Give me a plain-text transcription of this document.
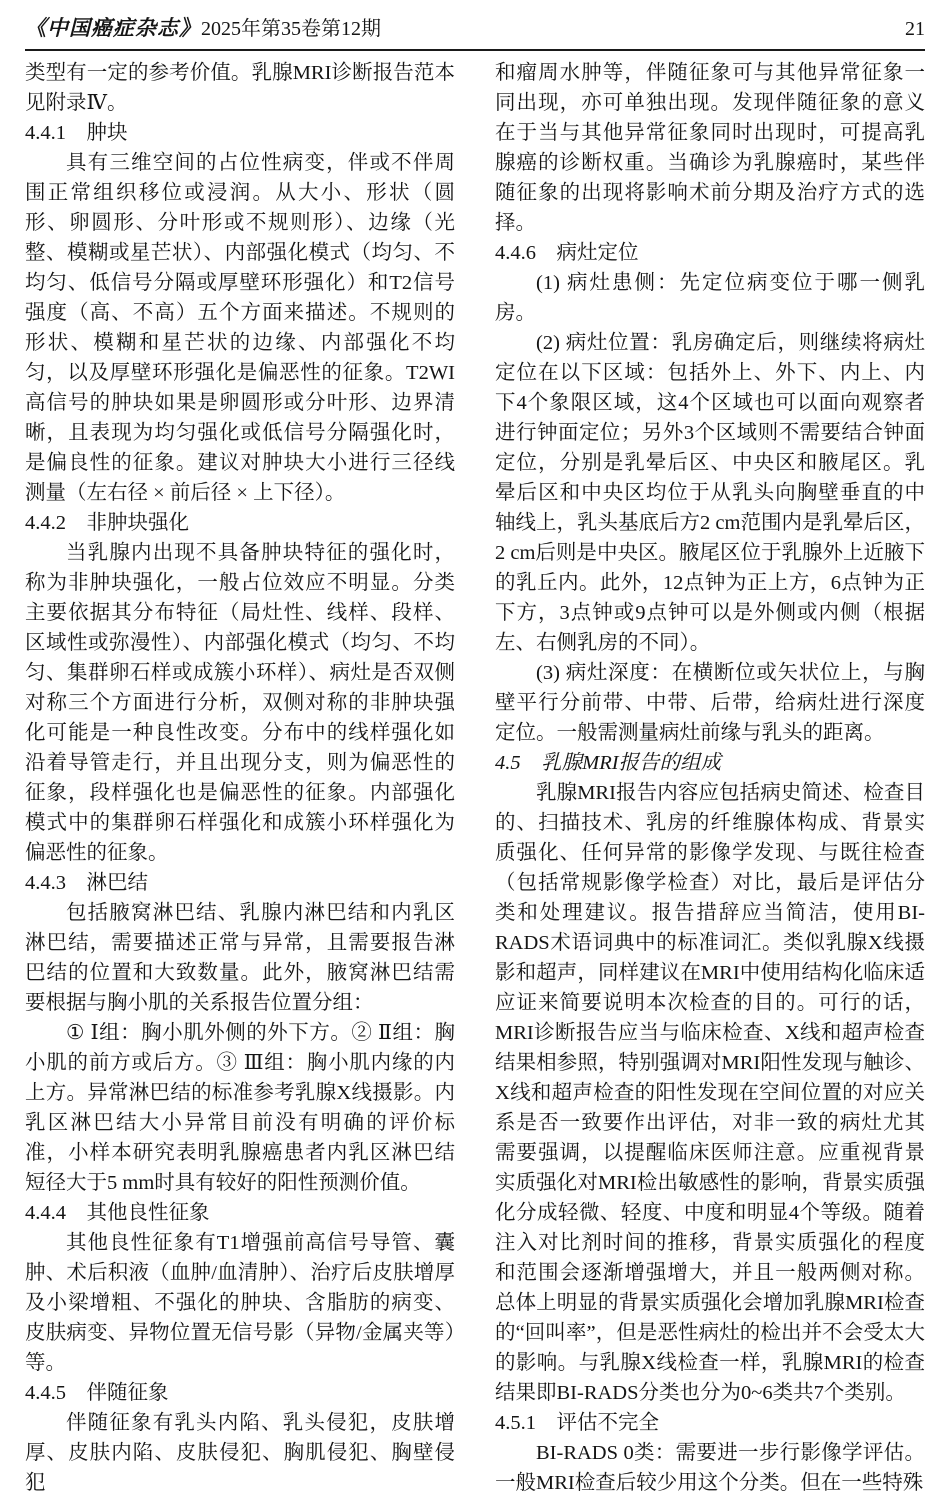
《中国癌症杂志》 2025年第35卷第12期	21
类型有一定的参考价值。乳腺MRI诊断报告范本见附录Ⅳ。
4.4.1　肿块
具有三维空间的占位性病变，伴或不伴周围正常组织移位或浸润。从大小、形状（圆形、卵圆形、分叶形或不规则形）、边缘（光整、模糊或星芒状）、内部强化模式（均匀、不均匀、低信号分隔或厚壁环形强化）和T2信号强度（高、不高）五个方面来描述。不规则的形状、模糊和星芒状的边缘、内部强化不均匀，以及厚壁环形强化是偏恶性的征象。T2WI 高信号的肿块如果是卵圆形或分叶形、边界清晰，且表现为均匀强化或低信号分隔强化时，是偏良性的征象。建议对肿块大小进行三径线测量（左右径 × 前后径 × 上下径）。
4.4.2　非肿块强化
当乳腺内出现不具备肿块特征的强化时，称为非肿块强化，一般占位效应不明显。分类主要依据其分布特征（局灶性、线样、段样、区域性或弥漫性）、内部强化模式（均匀、不均匀、集群卵石样或成簇小环样）、病灶是否双侧对称三个方面进行分析，双侧对称的非肿块强化可能是一种良性改变。分布中的线样强化如沿着导管走行，并且出现分支，则为偏恶性的征象，段样强化也是偏恶性的征象。内部强化模式中的集群卵石样强化和成簇小环样强化为偏恶性的征象。
4.4.3　淋巴结
包括腋窝淋巴结、乳腺内淋巴结和内乳区淋巴结，需要描述正常与异常，且需要报告淋巴结的位置和大致数量。此外，腋窝淋巴结需要根据与胸小肌的关系报告位置分组：
① Ⅰ组：胸小肌外侧的外下方。② Ⅱ组：胸小肌的前方或后方。③ Ⅲ组：胸小肌内缘的内上方。异常淋巴结的标准参考乳腺X线摄影。内乳区淋巴结大小异常目前没有明确的评价标准，小样本研究表明乳腺癌患者内乳区淋巴结短径大于5 mm时具有较好的阳性预测价值。
4.4.4　其他良性征象
其他良性征象有T1增强前高信号导管、囊肿、术后积液（血肿/血清肿）、治疗后皮肤增厚及小梁增粗、不强化的肿块、含脂肪的病变、皮肤病变、异物位置无信号影（异物/金属夹等）等。
4.4.5　伴随征象
伴随征象有乳头内陷、乳头侵犯，皮肤增厚、皮肤内陷、皮肤侵犯、胸肌侵犯、胸壁侵犯
和瘤周水肿等，伴随征象可与其他异常征象一同出现，亦可单独出现。发现伴随征象的意义在于当与其他异常征象同时出现时，可提高乳腺癌的诊断权重。当确诊为乳腺癌时，某些伴随征象的出现将影响术前分期及治疗方式的选择。
4.4.6　病灶定位
(1) 病灶患侧：先定位病变位于哪一侧乳房。
(2) 病灶位置：乳房确定后，则继续将病灶定位在以下区域：包括外上、外下、内上、内下4个象限区域，这4个区域也可以面向观察者进行钟面定位；另外3个区域则不需要结合钟面定位，分别是乳晕后区、中央区和腋尾区。乳晕后区和中央区均位于从乳头向胸壁垂直的中轴线上，乳头基底后方2 cm范围内是乳晕后区，2 cm后则是中央区。腋尾区位于乳腺外上近腋下的乳丘内。此外，12点钟为正上方，6点钟为正下方，3点钟或9点钟可以是外侧或内侧（根据左、右侧乳房的不同）。
(3) 病灶深度：在横断位或矢状位上，与胸壁平行分前带、中带、后带，给病灶进行深度定位。一般需测量病灶前缘与乳头的距离。
4.5　乳腺MRI报告的组成
乳腺MRI报告内容应包括病史简述、检查目的、扫描技术、乳房的纤维腺体构成、背景实质强化、任何异常的影像学发现、与既往检查（包括常规影像学检查）对比，最后是评估分类和处理建议。报告措辞应当简洁，使用BI-RADS术语词典中的标准词汇。类似乳腺X线摄影和超声，同样建议在MRI中使用结构化临床适应证来简要说明本次检查的目的。可行的话，MRI诊断报告应当与临床检查、X线和超声检查结果相参照，特别强调对MRI阳性发现与触诊、X线和超声检查的阳性发现在空间位置的对应关系是否一致要作出评估，对非一致的病灶尤其需要强调，以提醒临床医师注意。应重视背景实质强化对MRI检出敏感性的影响，背景实质强化分成轻微、轻度、中度和明显4个等级。随着注入对比剂时间的推移，背景实质强化的程度和范围会逐渐增强增大，并且一般两侧对称。总体上明显的背景实质强化会增加乳腺MRI检查的“回叫率”，但是恶性病灶的检出并不会受太大的影响。与乳腺X线检查一样，乳腺MRI的检查结果即BI-RADS分类也分为0~6类共7个类别。
4.5.1　评估不完全
BI-RADS 0类：需要进一步行影像学评估。一般MRI检查后较少用这个分类。但在一些特殊
